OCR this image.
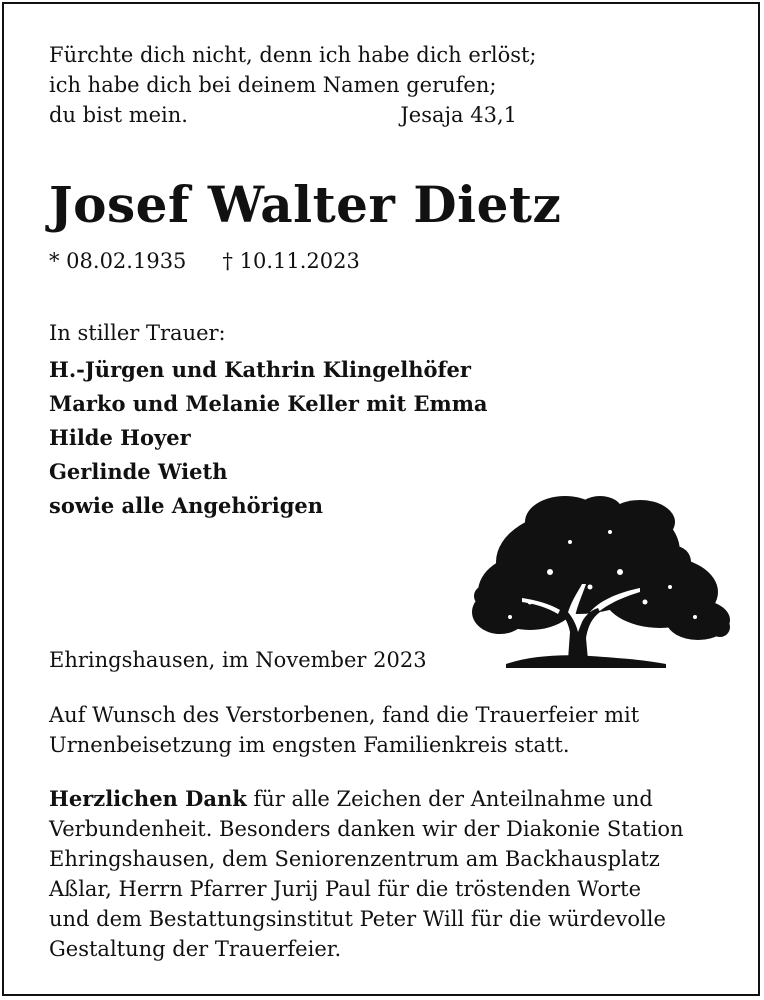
Fürchte dich nicht, denn ich habe dich erlöst;
ich habe dich bei deinem Namen gerufen;
du bist mein.	Jesaja 43,1
Josef Walter Dietz
* 08.02.1935 † 10.11.2023
In stiller Trauer:
H.-Jürgen und Kathrin Klingelhöfer
Marko und Melanie Keller mit Emma
Hilde Hoyer
Gerlinde Wieth
sowie alle Angehörigen
Ehringshausen, im November 2023
Auf Wunsch des Verstorbenen, fand die Trauerfeier mit
Urnenbeisetzung im engsten Familienkreis statt.
Herzlichen Dank für alle Zeichen der Anteilnahme und
Verbundenheit. Besonders danken wir der Diakonie Station
Ehringshausen, dem Seniorenzentrum am Backhausplatz
Aßlar, Herrn Pfarrer Jurij Paul für die tröstenden Worte
und dem Bestattungsinstitut Peter Will für die würdevolle
Gestaltung der Trauerfeier.
